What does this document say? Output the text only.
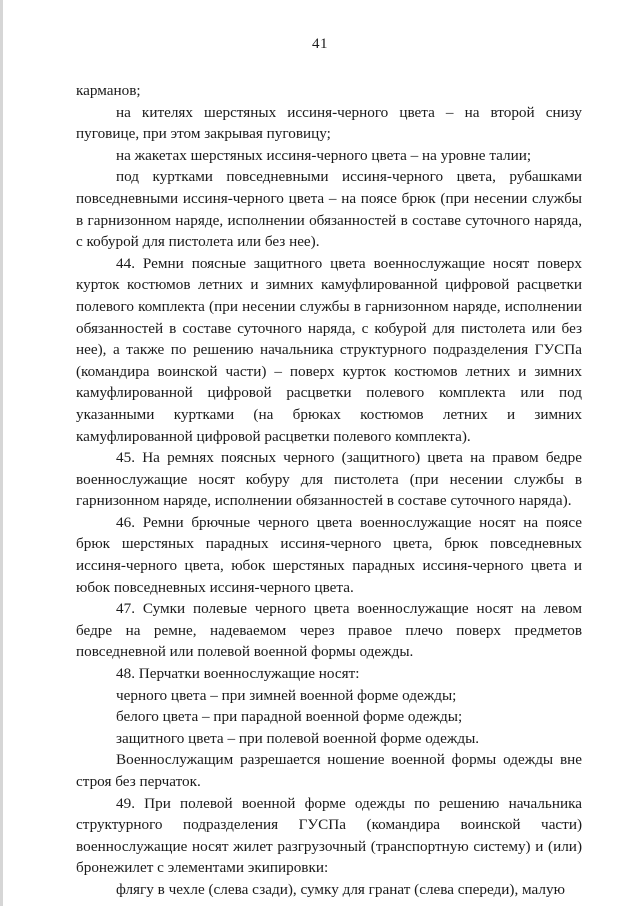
41

карманов;

на кителях шерстяных иссиня-черного цвета – на второй снизу пуговице, при этом закрывая пуговицу;

на жакетах шерстяных иссиня-черного цвета – на уровне талии;

под куртками повседневными иссиня-черного цвета, рубашками повседневными иссиня-черного цвета – на поясе брюк (при несении службы в гарнизонном наряде, исполнении обязанностей в составе суточного наряда, с кобурой для пистолета или без нее).

44. Ремни поясные защитного цвета военнослужащие носят поверх курток костюмов летних и зимних камуфлированной цифровой расцветки полевого комплекта (при несении службы в гарнизонном наряде, исполнении обязанностей в составе суточного наряда, с кобурой для пистолета или без нее), а также по решению начальника структурного подразделения ГУСПа (командира воинской части) – поверх курток костюмов летних и зимних камуфлированной цифровой расцветки полевого комплекта или под указанными куртками (на брюках костюмов летних и зимних камуфлированной цифровой расцветки полевого комплекта).

45. На ремнях поясных черного (защитного) цвета на правом бедре военнослужащие носят кобуру для пистолета (при несении службы в гарнизонном наряде, исполнении обязанностей в составе суточного наряда).

46. Ремни брючные черного цвета военнослужащие носят на поясе брюк шерстяных парадных иссиня-черного цвета, брюк повседневных иссиня-черного цвета, юбок шерстяных парадных иссиня-черного цвета и юбок повседневных иссиня-черного цвета.

47. Сумки полевые черного цвета военнослужащие носят на левом бедре на ремне, надеваемом через правое плечо поверх предметов повседневной или полевой военной формы одежды.

48. Перчатки военнослужащие носят:

черного цвета – при зимней военной форме одежды;

белого цвета – при парадной военной форме одежды;

защитного цвета – при полевой военной форме одежды.

Военнослужащим разрешается ношение военной формы одежды вне строя без перчаток.

49. При полевой военной форме одежды по решению начальника структурного подразделения ГУСПа (командира воинской части) военнослужащие носят жилет разгрузочный (транспортную систему) и (или) бронежилет с элементами экипировки:

флягу в чехле (слева сзади), сумку для гранат (слева спереди), малую
